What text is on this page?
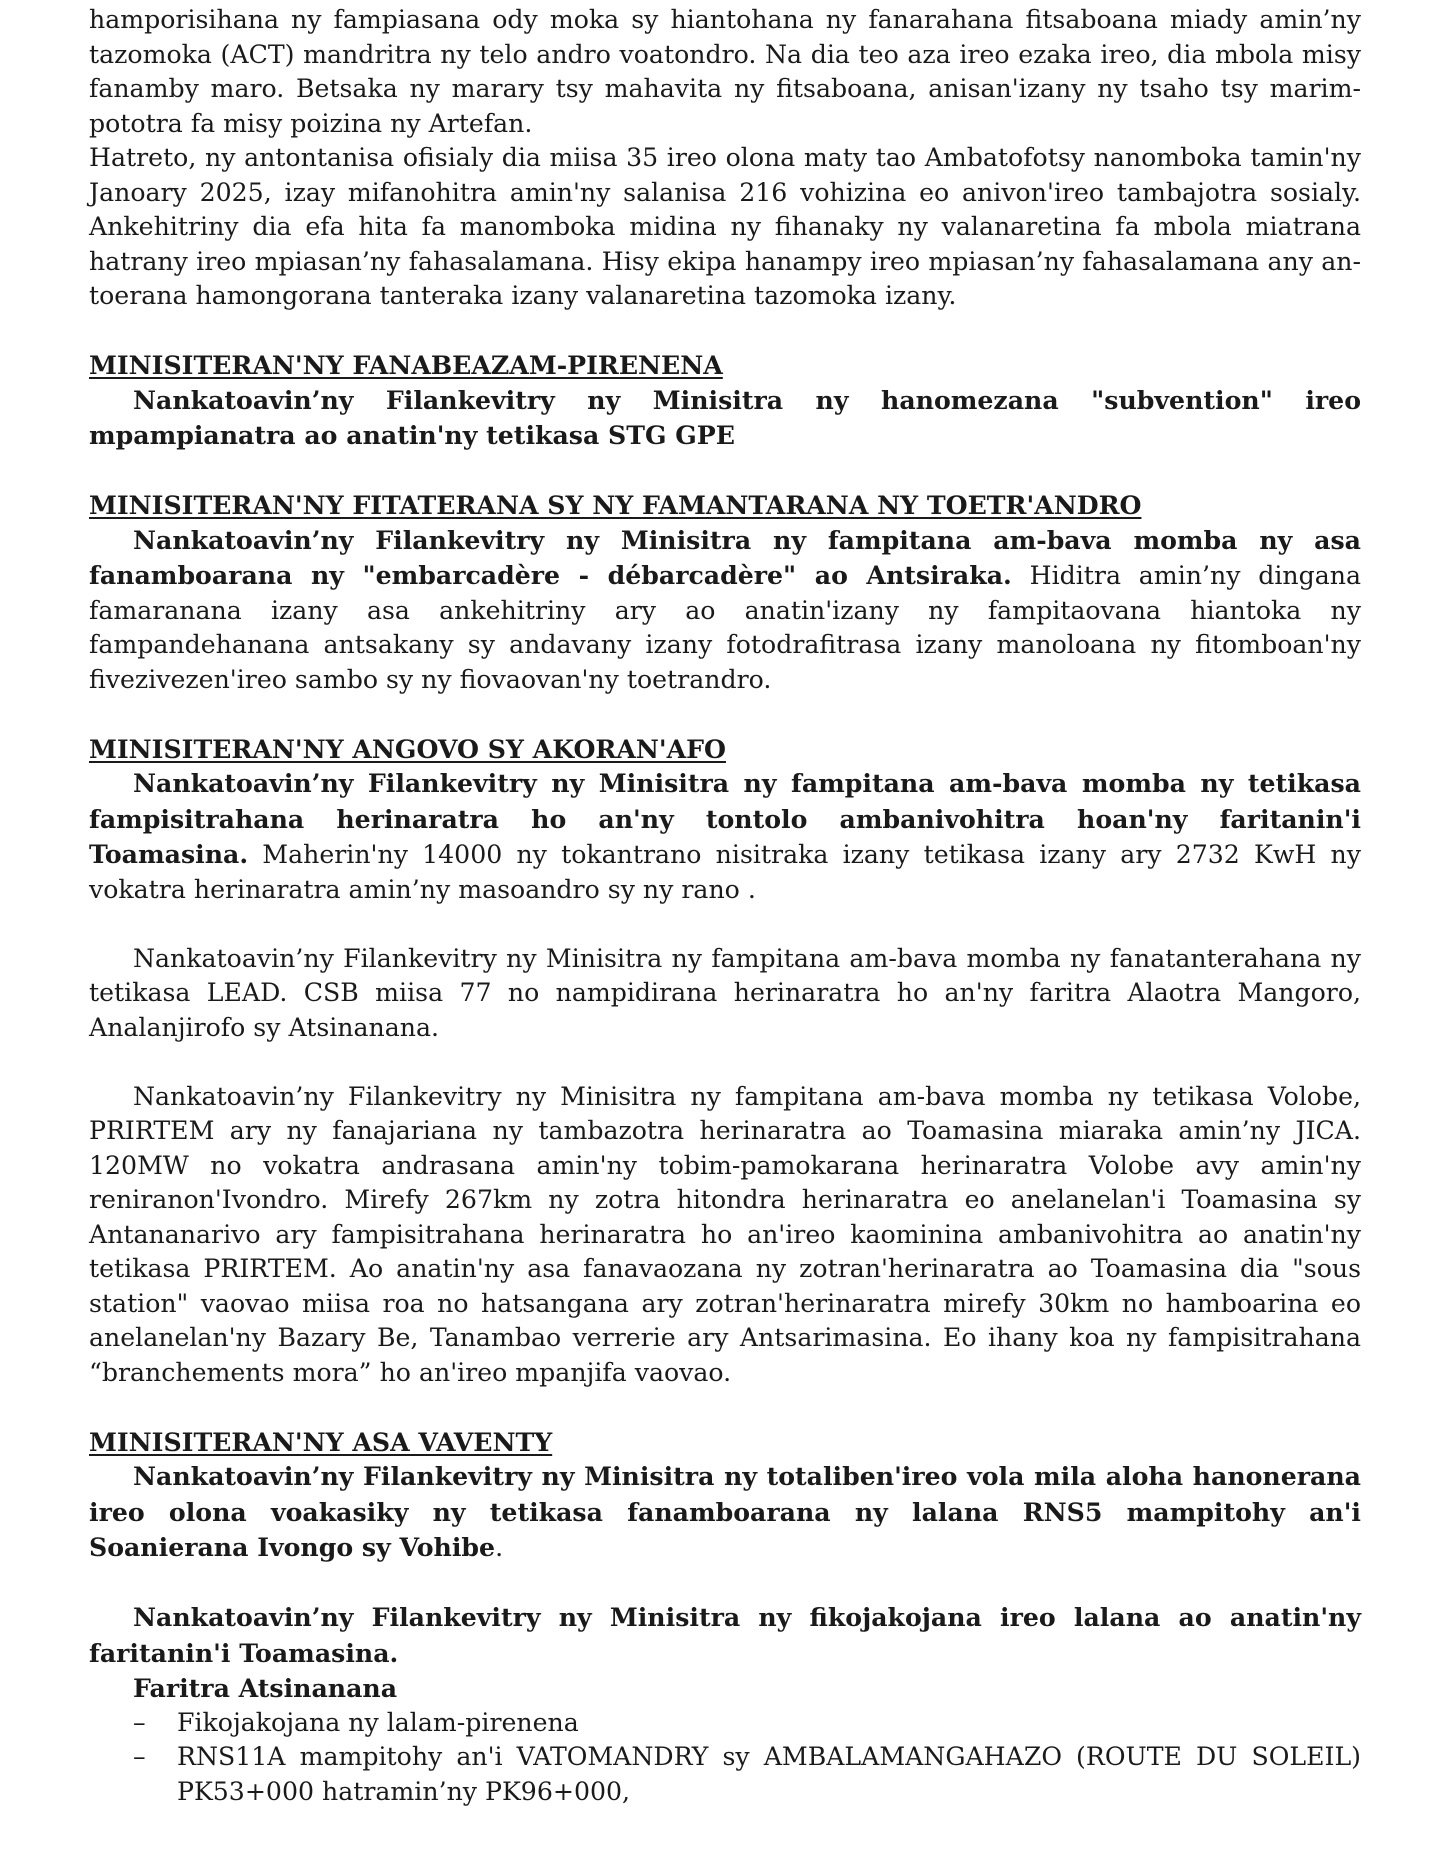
hamporisihana ny fampiasana ody moka sy hiantohana ny fanarahana fitsaboana miady amin’ny tazomoka (ACT) mandritra ny telo andro voatondro. Na dia teo aza ireo ezaka ireo, dia mbola misy fanamby maro. Betsaka ny marary tsy mahavita ny fitsaboana, anisan'izany ny tsaho tsy marim-pototra fa misy poizina ny Artefan.

Hatreto, ny antontanisa ofisialy dia miisa 35 ireo olona maty tao Ambatofotsy nanomboka tamin'ny Janoary 2025, izay mifanohitra amin'ny salanisa 216 vohizina eo anivon'ireo tambajotra sosialy. Ankehitriny dia efa hita fa manomboka midina ny fihanaky ny valanaretina fa mbola miatrana hatrany ireo mpiasan’ny fahasalamana. Hisy ekipa hanampy ireo mpiasan’ny fahasalamana any an-toerana hamongorana tanteraka izany valanaretina tazomoka izany.

MINISITERAN'NY FANABEAZAM-PIRENENA

Nankatoavin’ny Filankevitry ny Minisitra ny hanomezana "subvention" ireo mpampianatra ao anatin'ny tetikasa STG GPE

MINISITERAN'NY FITATERANA SY NY FAMANTARANA NY TOETR'ANDRO

Nankatoavin’ny Filankevitry ny Minisitra ny fampitana am-bava momba ny asa fanamboarana ny "embarcadère - débarcadère" ao Antsiraka. Hiditra amin’ny dingana famaranana izany asa ankehitriny ary ao anatin'izany ny fampitaovana hiantoka ny fampandehanana antsakany sy andavany izany fotodrafitrasa izany manoloana ny fitomboan'ny fivezivezen'ireo sambo sy ny fiovaovan'ny toetrandro.

MINISITERAN'NY ANGOVO SY AKORAN'AFO

Nankatoavin’ny Filankevitry ny Minisitra ny fampitana am-bava momba ny tetikasa fampisitrahana herinaratra ho an'ny tontolo ambanivohitra hoan'ny faritanin'i Toamasina. Maherin'ny 14000 ny tokantrano nisitraka izany tetikasa izany ary 2732 KwH ny vokatra herinaratra amin’ny masoandro sy ny rano .

Nankatoavin’ny Filankevitry ny Minisitra ny fampitana am-bava momba ny fanatanterahana ny tetikasa LEAD. CSB miisa 77 no nampidirana herinaratra ho an'ny faritra Alaotra Mangoro, Analanjirofo sy Atsinanana.

Nankatoavin’ny Filankevitry ny Minisitra ny fampitana am-bava momba ny tetikasa Volobe, PRIRTEM ary ny fanajariana ny tambazotra herinaratra ao Toamasina miaraka amin’ny JICA. 120MW no vokatra andrasana amin'ny tobim-pamokarana herinaratra Volobe avy amin'ny reniranon'Ivondro. Mirefy 267km ny zotra hitondra herinaratra eo anelanelan'i Toamasina sy Antananarivo ary fampisitrahana herinaratra ho an'ireo kaominina ambanivohitra ao anatin'ny tetikasa PRIRTEM. Ao anatin'ny asa fanavaozana ny zotran'herinaratra ao Toamasina dia "sous station" vaovao miisa roa no hatsangana ary zotran'herinaratra mirefy 30km no hamboarina eo anelanelan'ny Bazary Be, Tanambao verrerie ary Antsarimasina. Eo ihany koa ny fampisitrahana “branchements mora” ho an'ireo mpanjifa vaovao.

MINISITERAN'NY ASA VAVENTY

Nankatoavin’ny Filankevitry ny Minisitra ny totaliben'ireo vola mila aloha hanonerana ireo olona voakasiky ny tetikasa fanamboarana ny lalana RNS5 mampitohy an'i Soanierana Ivongo sy Vohibe.

Nankatoavin’ny Filankevitry ny Minisitra ny fikojakojana ireo lalana ao anatin'ny faritanin'i Toamasina.

Faritra Atsinanana

– Fikojakojana ny lalam-pirenena
– RNS11A mampitohy an'i VATOMANDRY sy AMBALAMANGAHAZO (ROUTE DU SOLEIL) PK53+000 hatramin’ny PK96+000,
